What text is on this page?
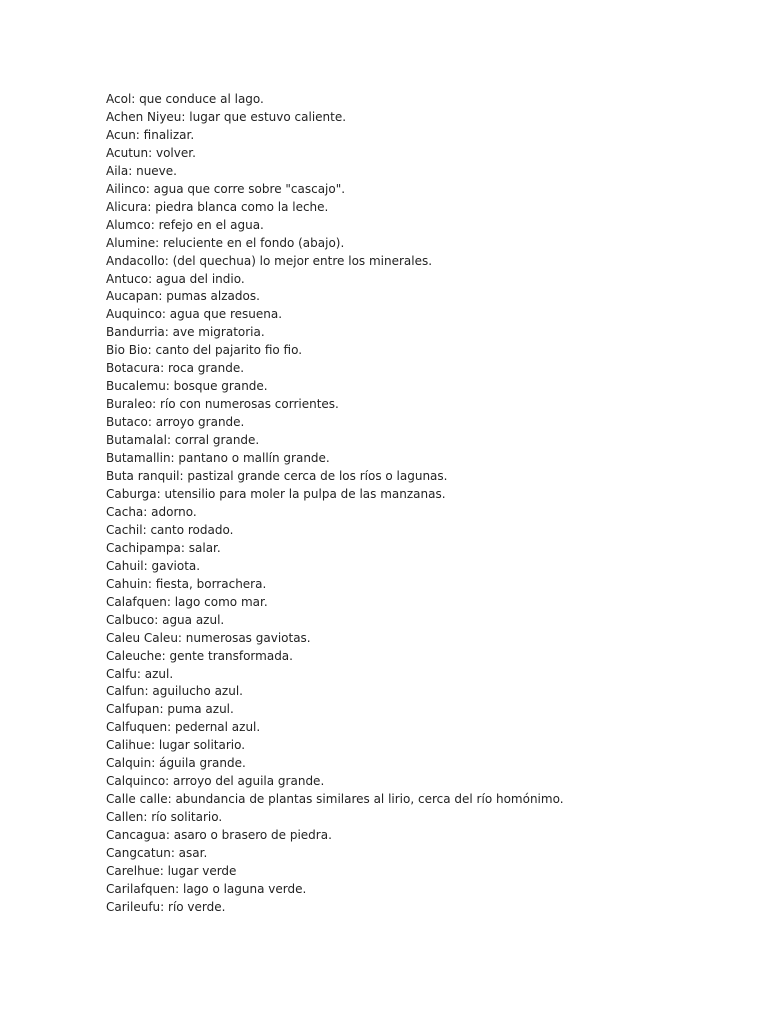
Acol: que conduce al lago.
Achen Niyeu: lugar que estuvo caliente.
Acun: finalizar.
Acutun: volver.
Aila: nueve.
Ailinco: agua que corre sobre "cascajo".
Alicura: piedra blanca como la leche.
Alumco: refejo en el agua.
Alumine: reluciente en el fondo (abajo).
Andacollo: (del quechua) lo mejor entre los minerales.
Antuco: agua del indio.
Aucapan: pumas alzados.
Auquinco: agua que resuena.
Bandurria: ave migratoria.
Bio Bio: canto del pajarito fio fio.
Botacura: roca grande.
Bucalemu: bosque grande.
Buraleo: río con numerosas corrientes.
Butaco: arroyo grande.
Butamalal: corral grande.
Butamallin: pantano o mallín grande.
Buta ranquil: pastizal grande cerca de los ríos o lagunas.
Caburga: utensilio para moler la pulpa de las manzanas.
Cacha: adorno.
Cachil: canto rodado.
Cachipampa: salar.
Cahuil: gaviota.
Cahuin: fiesta, borrachera.
Calafquen: lago como mar.
Calbuco: agua azul.
Caleu Caleu: numerosas gaviotas.
Caleuche: gente transformada.
Calfu: azul.
Calfun: aguilucho azul.
Calfupan: puma azul.
Calfuquen: pedernal azul.
Calihue: lugar solitario.
Calquin: águila grande.
Calquinco: arroyo del aguila grande.
Calle calle: abundancia de plantas similares al lirio, cerca del río homónimo.
Callen: río solitario.
Cancagua: asaro o brasero de piedra.
Cangcatun: asar.
Carelhue: lugar verde
Carilafquen: lago o laguna verde.
Carileufu: río verde.
